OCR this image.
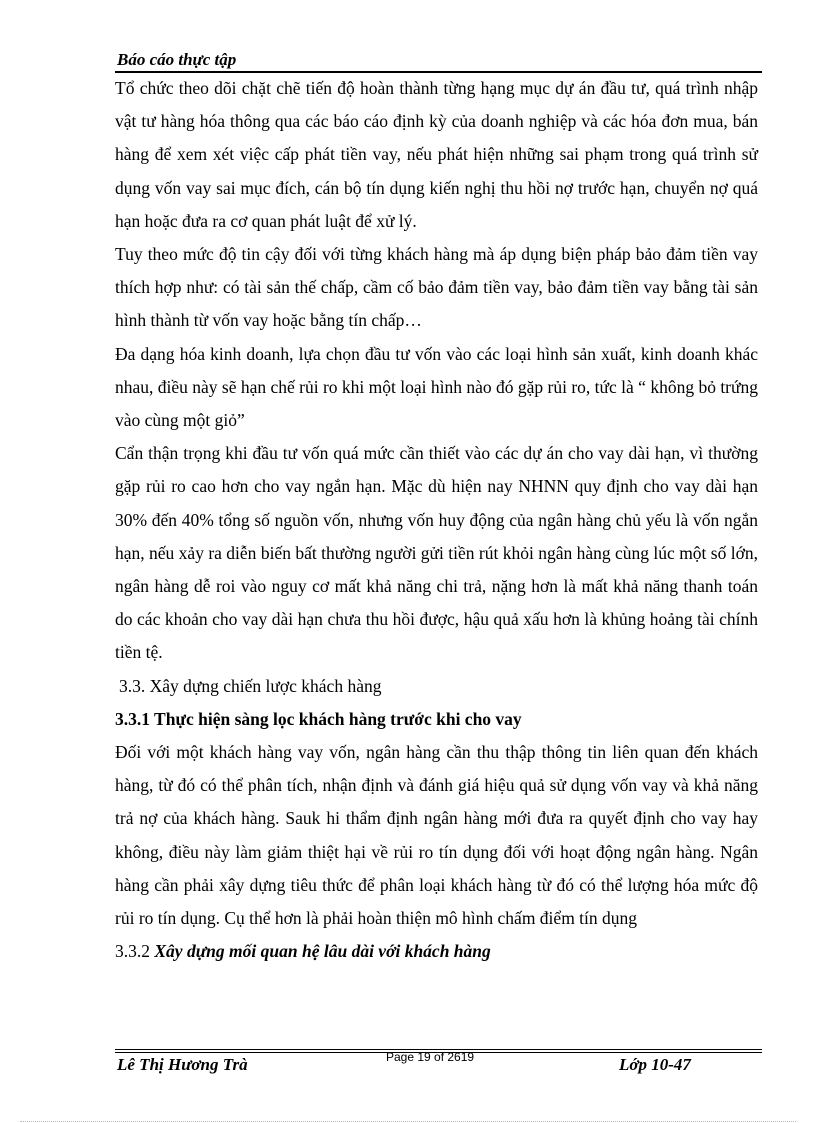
Báo cáo thực tập

Tổ chức theo dõi chặt chẽ tiến độ hoàn thành từng hạng mục dự án đầu tư, quá trình nhập vật tư hàng hóa thông qua các báo cáo định kỳ của doanh nghiệp và các hóa đơn mua, bán hàng để xem xét việc cấp phát tiền vay, nếu phát hiện những sai phạm trong quá trình sử dụng vốn vay sai mục đích, cán bộ tín dụng kiến nghị thu hồi nợ trước hạn, chuyển nợ quá hạn hoặc đưa ra cơ quan phát luật để xử lý.

Tuy theo mức độ tin cậy đối với từng khách hàng mà áp dụng biện pháp bảo đảm tiền vay thích hợp như: có tài sản thế chấp, cầm cố bảo đảm tiền vay, bảo đảm tiền vay bằng tài sản hình thành từ vốn vay hoặc bằng tín chấp…

Đa dạng hóa kinh doanh, lựa chọn đầu tư vốn vào các loại hình sản xuất, kinh doanh khác nhau, điều này sẽ hạn chế rủi ro khi một loại hình nào đó gặp rủi ro, tức là “ không bỏ trứng vào cùng một giỏ”

Cẩn thận trọng khi đầu tư vốn quá mức cần thiết vào các dự án cho vay dài hạn, vì thường gặp rủi ro cao hơn cho vay ngắn hạn. Mặc dù hiện nay NHNN quy định cho vay dài hạn 30% đến 40% tổng số nguồn vốn, nhưng vốn huy động của ngân hàng chủ yếu là vốn ngắn hạn, nếu xảy ra diễn biến bất thường người gửi tiền rút khỏi ngân hàng cùng lúc một số lớn, ngân hàng dễ roi vào nguy cơ mất khả năng chi trả, nặng hơn là mất khả năng thanh toán do các khoản cho vay dài hạn chưa thu hồi được, hậu quả xấu hơn là khủng hoảng tài chính tiền tệ.

3.3. Xây dựng chiến lược khách hàng

3.3.1 Thực hiện sàng lọc khách hàng trước khi cho vay

Đối với một khách hàng vay vốn, ngân hàng cần thu thập thông tin liên quan đến khách hàng, từ đó có thể phân tích, nhận định và đánh giá hiệu quả sử dụng vốn vay và khả năng trả nợ của khách hàng. Sauk hi thẩm định ngân hàng mới đưa ra quyết định cho vay hay không, điều này làm giảm thiệt hại về rủi ro tín dụng đối với hoạt động ngân hàng. Ngân hàng cần phải xây dựng tiêu thức để phân loại khách hàng từ đó có thể lượng hóa mức độ rủi ro tín dụng. Cụ thể hơn là phải hoàn thiện mô hình chấm điểm tín dụng

3.3.2 Xây dựng mối quan hệ lâu dài với khách hàng

Lê Thị Hương Trà	Page 19 of 2619	Lớp 10-47
